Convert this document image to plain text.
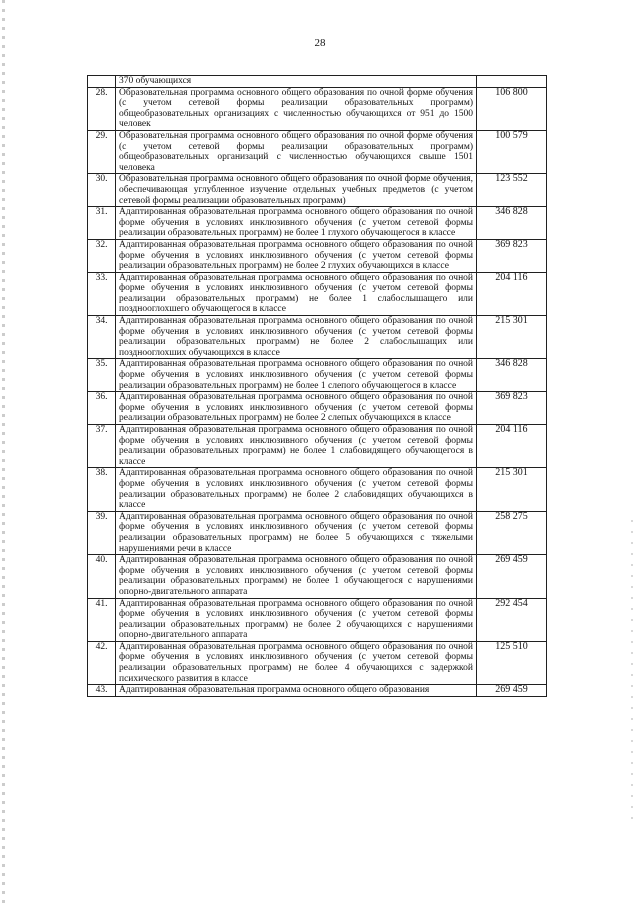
28
	370 обучающихся	
28.	Образовательная программа основного общего образования по очной форме обучения (с учетом сетевой формы реализации образовательных программ) общеобразовательных организациях с численностью обучающихся от 951 до 1500 человек	106 800
29.	Образовательная программа основного общего образования по очной форме обучения (с учетом сетевой формы реализации образовательных программ) общеобразовательных организаций с численностью обучающихся свыше 1501 человека	100 579
30.	Образовательная программа основного общего образования по очной форме обучения, обеспечивающая углубленное изучение отдельных учебных предметов (с учетом сетевой формы реализации образовательных программ)	123 552
31.	Адаптированная образовательная программа основного общего образования по очной форме обучения в условиях инклюзивного обучения (с учетом сетевой формы реализации образовательных программ) не более 1 глухого обучающегося в классе	346 828
32.	Адаптированная образовательная программа основного общего образования по очной форме обучения в условиях инклюзивного обучения (с учетом сетевой формы реализации образовательных программ) не более 2 глухих обучающихся в классе	369 823
33.	Адаптированная образовательная программа основного общего образования по очной форме обучения в условиях инклюзивного обучения (с учетом сетевой формы реализации образовательных программ) не более 1 слабослышащего или позднооглохшего обучающегося в классе	204 116
34.	Адаптированная образовательная программа основного общего образования по очной форме обучения в условиях инклюзивного обучения (с учетом сетевой формы реализации образовательных программ) не более 2 слабослышащих или позднооглохших обучающихся в классе	215 301
35.	Адаптированная образовательная программа основного общего образования по очной форме обучения в условиях инклюзивного обучения (с учетом сетевой формы реализации образовательных программ) не более 1 слепого обучающегося в классе	346 828
36.	Адаптированная образовательная программа основного общего образования по очной форме обучения в условиях инклюзивного обучения (с учетом сетевой формы реализации образовательных программ) не более 2 слепых обучающихся в классе	369 823
37.	Адаптированная образовательная программа основного общего образования по очной форме обучения в условиях инклюзивного обучения (с учетом сетевой формы реализации образовательных программ) не более 1 слабовидящего обучающегося в классе	204 116
38.	Адаптированная образовательная программа основного общего образования по очной форме обучения в условиях инклюзивного обучения (с учетом сетевой формы реализации образовательных программ) не более 2 слабовидящих обучающихся в классе	215 301
39.	Адаптированная образовательная программа основного общего образования по очной форме обучения в условиях инклюзивного обучения (с учетом сетевой формы реализации образовательных программ) не более 5 обучающихся с тяжелыми нарушениями речи в классе	258 275
40.	Адаптированная образовательная программа основного общего образования по очной форме обучения в условиях инклюзивного обучения (с учетом сетевой формы реализации образовательных программ) не более 1 обучающегося с нарушениями опорно-двигательного аппарата	269 459
41.	Адаптированная образовательная программа основного общего образования по очной форме обучения в условиях инклюзивного обучения (с учетом сетевой формы реализации образовательных программ) не более 2 обучающихся с нарушениями опорно-двигательного аппарата	292 454
42.	Адаптированная образовательная программа основного общего образования по очной форме обучения в условиях инклюзивного обучения (с учетом сетевой формы реализации образовательных программ) не более 4 обучающихся с задержкой психического развития в классе	125 510
43.	Адаптированная образовательная программа основного общего образования	269 459
